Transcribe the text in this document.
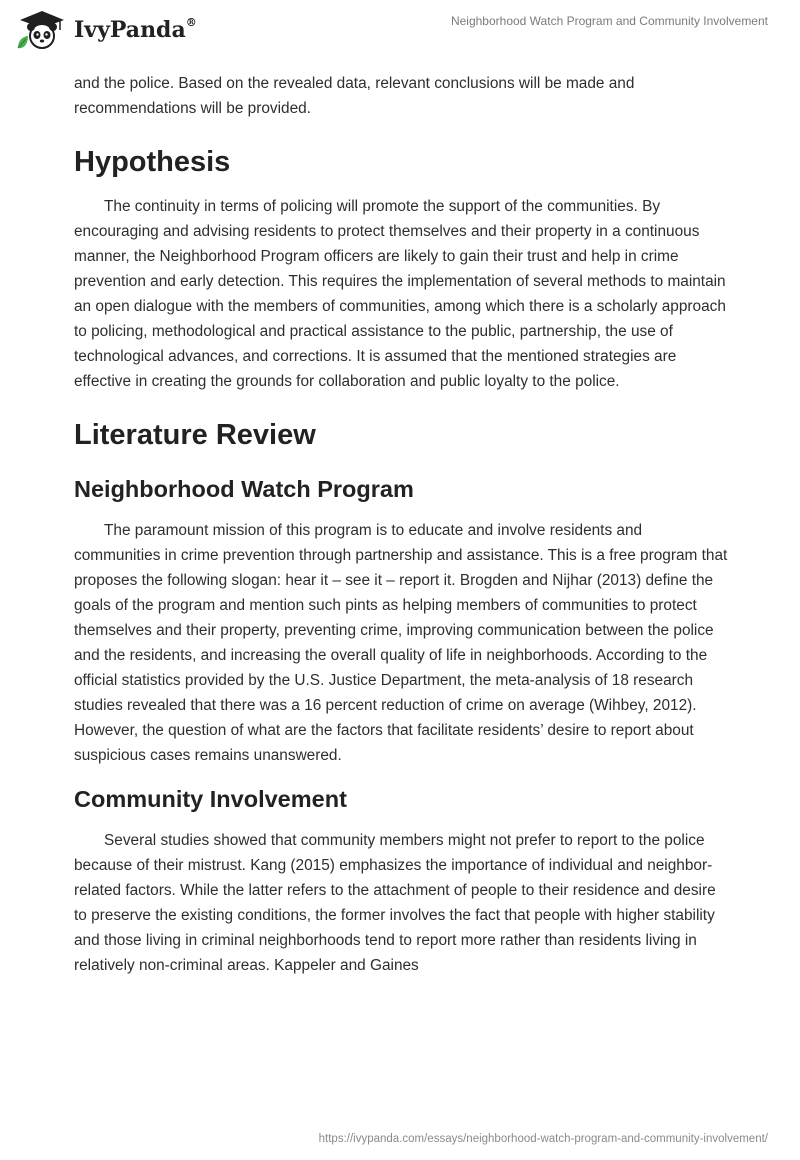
IvyPanda®	Neighborhood Watch Program and Community Involvement

and the police. Based on the revealed data, relevant conclusions will be made and recommendations will be provided.

Hypothesis

The continuity in terms of policing will promote the support of the communities. By encouraging and advising residents to protect themselves and their property in a continuous manner, the Neighborhood Program officers are likely to gain their trust and help in crime prevention and early detection. This requires the implementation of several methods to maintain an open dialogue with the members of communities, among which there is a scholarly approach to policing, methodological and practical assistance to the public, partnership, the use of technological advances, and corrections. It is assumed that the mentioned strategies are effective in creating the grounds for collaboration and public loyalty to the police.

Literature Review
Neighborhood Watch Program

The paramount mission of this program is to educate and involve residents and communities in crime prevention through partnership and assistance. This is a free program that proposes the following slogan: hear it – see it – report it. Brogden and Nijhar (2013) define the goals of the program and mention such pints as helping members of communities to protect themselves and their property, preventing crime, improving communication between the police and the residents, and increasing the overall quality of life in neighborhoods. According to the official statistics provided by the U.S. Justice Department, the meta-analysis of 18 research studies revealed that there was a 16 percent reduction of crime on average (Wihbey, 2012). However, the question of what are the factors that facilitate residents’ desire to report about suspicious cases remains unanswered.

Community Involvement

Several studies showed that community members might not prefer to report to the police because of their mistrust. Kang (2015) emphasizes the importance of individual and neighbor-related factors. While the latter refers to the attachment of people to their residence and desire to preserve the existing conditions, the former involves the fact that people with higher stability and those living in criminal neighborhoods tend to report more rather than residents living in relatively non-criminal areas. Kappeler and Gaines

https://ivypanda.com/essays/neighborhood-watch-program-and-community-involvement/
